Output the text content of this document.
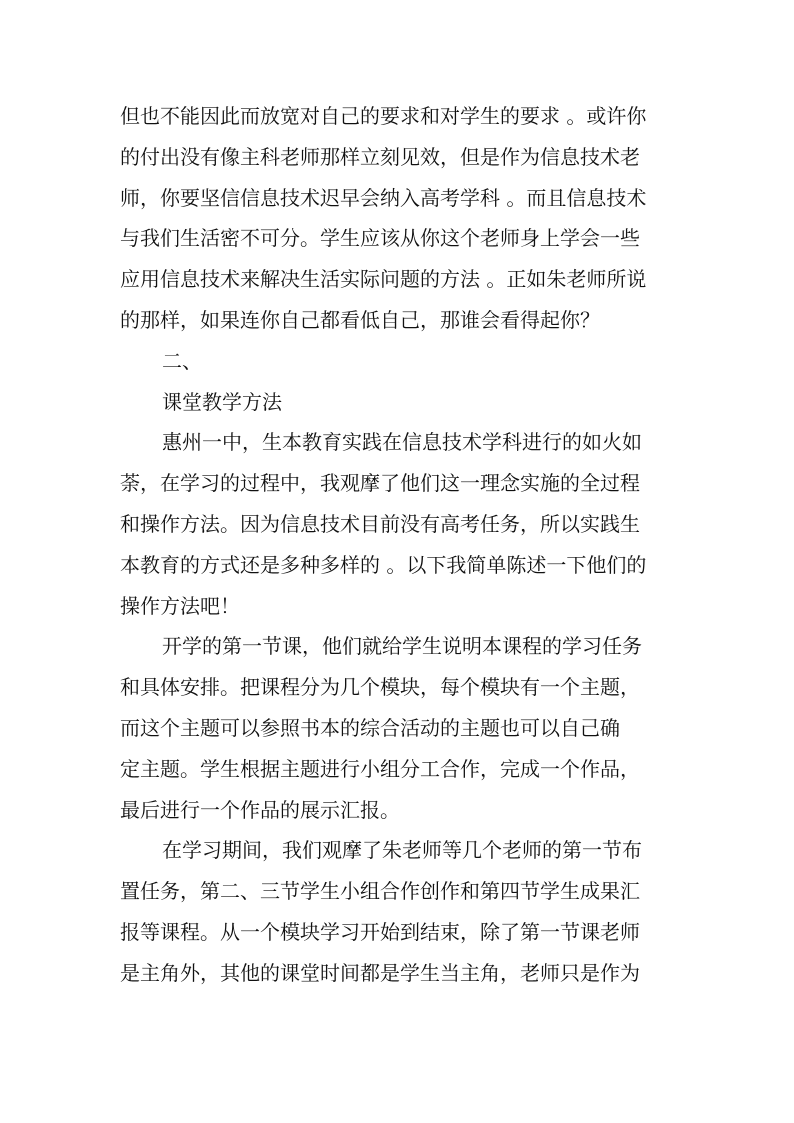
但也不能因此而放宽对自己的要求和对学生的要求 。或许你
的付出没有像主科老师那样立刻见效，但是作为信息技术老
师，你要坚信信息技术迟早会纳入高考学科 。而且信息技术
与我们生活密不可分。学生应该从你这个老师身上学会一些
应用信息技术来解决生活实际问题的方法 。正如朱老师所说
的那样，如果连你自己都看低自己，那谁会看得起你？
二、
课堂教学方法
惠州一中，生本教育实践在信息技术学科进行的如火如
荼，在学习的过程中，我观摩了他们这一理念实施的全过程
和操作方法。因为信息技术目前没有高考任务，所以实践生
本教育的方式还是多种多样的 。以下我简单陈述一下他们的
操作方法吧！
开学的第一节课，他们就给学生说明本课程的学习任务
和具体安排。把课程分为几个模块，每个模块有一个主题，
而这个主题可以参照书本的综合活动的主题也可以自己确
定主题。学生根据主题进行小组分工合作，完成一个作品，
最后进行一个作品的展示汇报。
在学习期间，我们观摩了朱老师等几个老师的第一节布
置任务，第二、三节学生小组合作创作和第四节学生成果汇
报等课程。从一个模块学习开始到结束，除了第一节课老师
是主角外，其他的课堂时间都是学生当主角，老师只是作为
